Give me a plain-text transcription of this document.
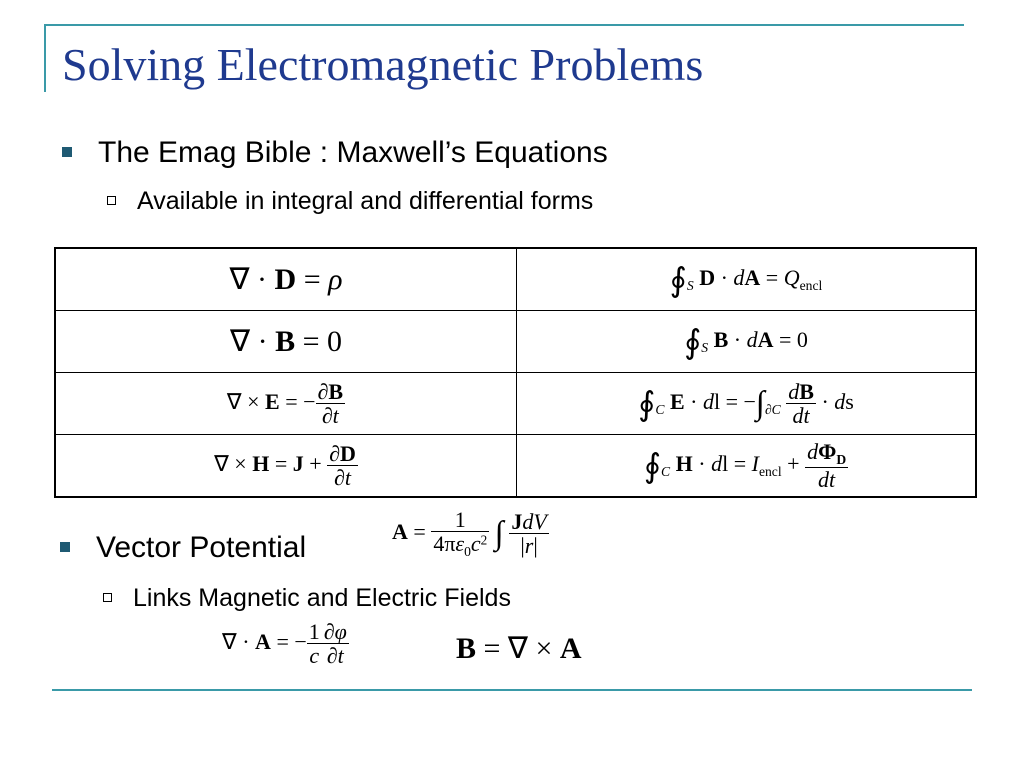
Solving Electromagnetic Problems
The Emag Bible : Maxwell’s Equations
Available in integral and differential forms
∇ · D = ρ	$∮_S$ D · dA = $Q_{encl}$
∇ · B = 0	$∮_S$ B · dA = 0
∇ × E = − $\frac{\partial B}{\partial t}$	$∮_C$ E · dl = $-\int_{\partial C} \frac{dB}{dt}$ · ds
∇ × $H = J + \frac{\partial D}{\partial t}$	$∮_C$ H · dl = $I_{encl} + \frac{d\Phi_D}{dt}$
Vector Potential	$A = \frac{1}{4\pi\varepsilon_0c^2}$ ∫ $\frac{\text{JdV}}{|r|}$
Links Magnetic and Electric Fields
∇ · A = − $\frac{1}{c} \frac{\partial\varphi}{\partial t}$	B = ∇ × A
